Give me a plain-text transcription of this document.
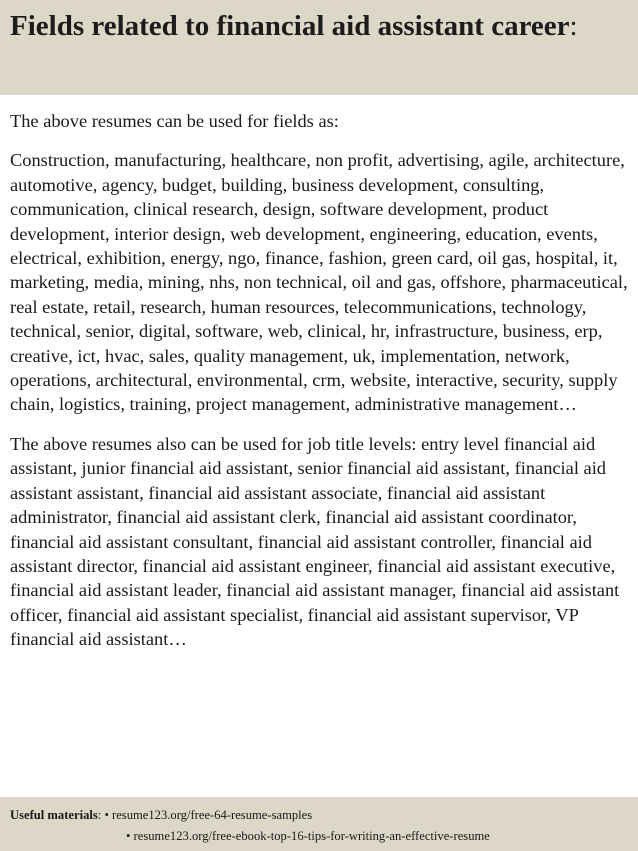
Fields related to financial aid assistant career:

The above resumes can be used for fields as:

Construction, manufacturing, healthcare, non profit, advertising, agile, architecture, automotive, agency, budget, building, business development, consulting, communication, clinical research, design, software development, product development, interior design, web development, engineering, education, events, electrical, exhibition, energy, ngo, finance, fashion, green card, oil gas, hospital, it, marketing, media, mining, nhs, non technical, oil and gas, offshore, pharmaceutical, real estate, retail, research, human resources, telecommunications, technology, technical, senior, digital, software, web, clinical, hr, infrastructure, business, erp, creative, ict, hvac, sales, quality management, uk, implementation, network, operations, architectural, environmental, crm, website, interactive, security, supply chain, logistics, training, project management, administrative management…

The above resumes also can be used for job title levels: entry level financial aid assistant, junior financial aid assistant, senior financial aid assistant, financial aid assistant assistant, financial aid assistant associate, financial aid assistant administrator, financial aid assistant clerk, financial aid assistant coordinator, financial aid assistant consultant, financial aid assistant controller, financial aid assistant director, financial aid assistant engineer, financial aid assistant executive, financial aid assistant leader, financial aid assistant manager, financial aid assistant officer, financial aid assistant specialist, financial aid assistant supervisor, VP financial aid assistant…

Useful materials : • resume123.org/free-64-resume-samples
• resume123.org/free-ebook-top-16-tips-for-writing-an-effective-resume
